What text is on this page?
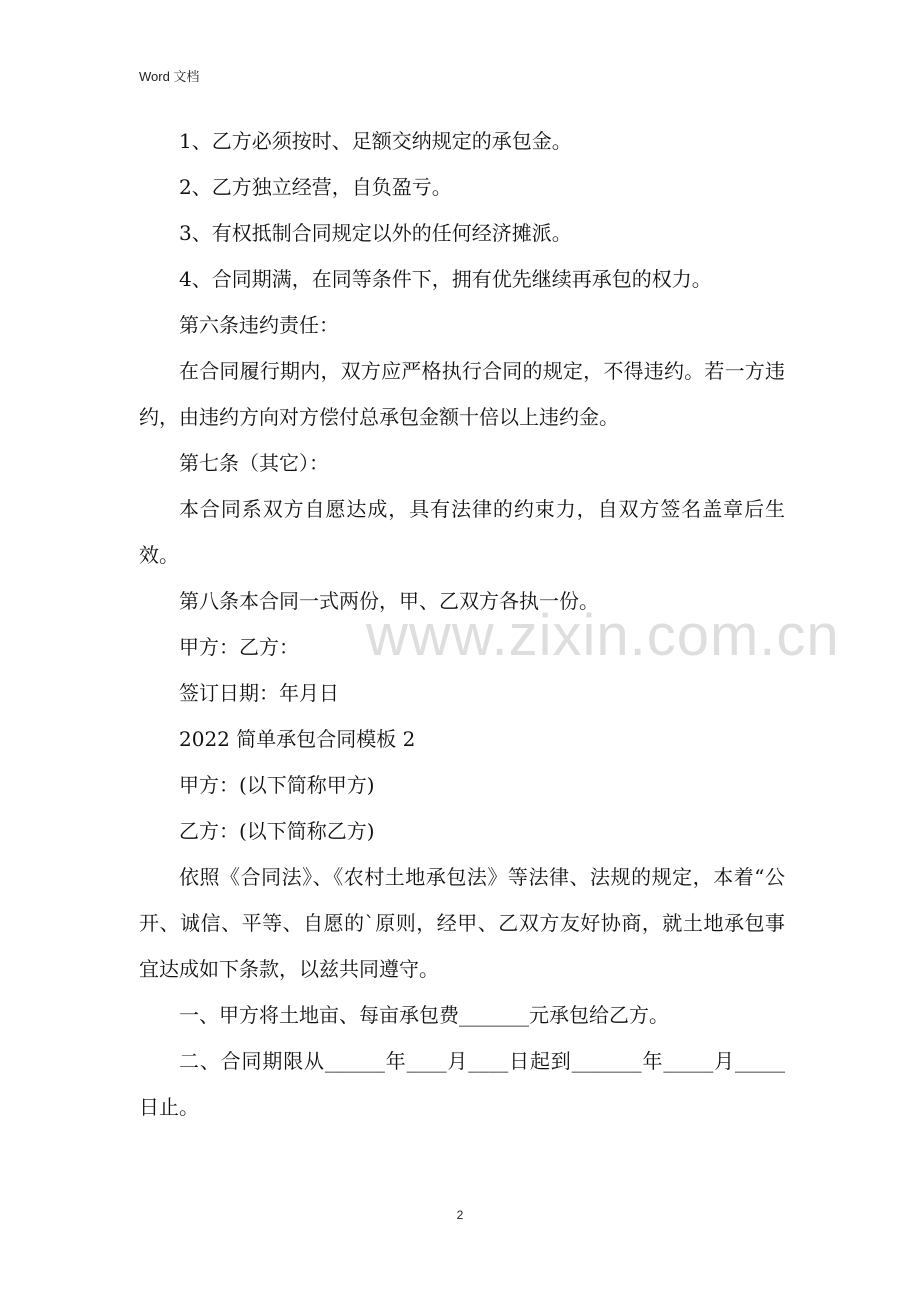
Word 文档

1、乙方必须按时、足额交纳规定的承包金。

2、乙方独立经营，自负盈亏。

3、有权抵制合同规定以外的任何经济摊派。

4、合同期满，在同等条件下，拥有优先继续再承包的权力。

第六条违约责任：

在合同履行期内，双方应严格执行合同的规定，不得违约。若一方违约，由违约方向对方偿付总承包金额十倍以上违约金。

第七条（其它）：

本合同系双方自愿达成，具有法律的约束力，自双方签名盖章后生效。

第八条本合同一式两份，甲、乙双方各执一份。

甲方：乙方：

签订日期：年月日

2022 简单承包合同模板 2

甲方：(以下简称甲方)

乙方：(以下简称乙方)

依照《合同法》、《农村土地承包法》等法律、法规的规定，本着“公开、诚信、平等、自愿的`原则，经甲、乙双方友好协商，就土地承包事宜达成如下条款，以兹共同遵守。

一、甲方将土地亩、每亩承包费_______元承包给乙方。

二、合同期限从______年____月____日起到_______年_____月_____日止。

www.zixin.com.cn
2
